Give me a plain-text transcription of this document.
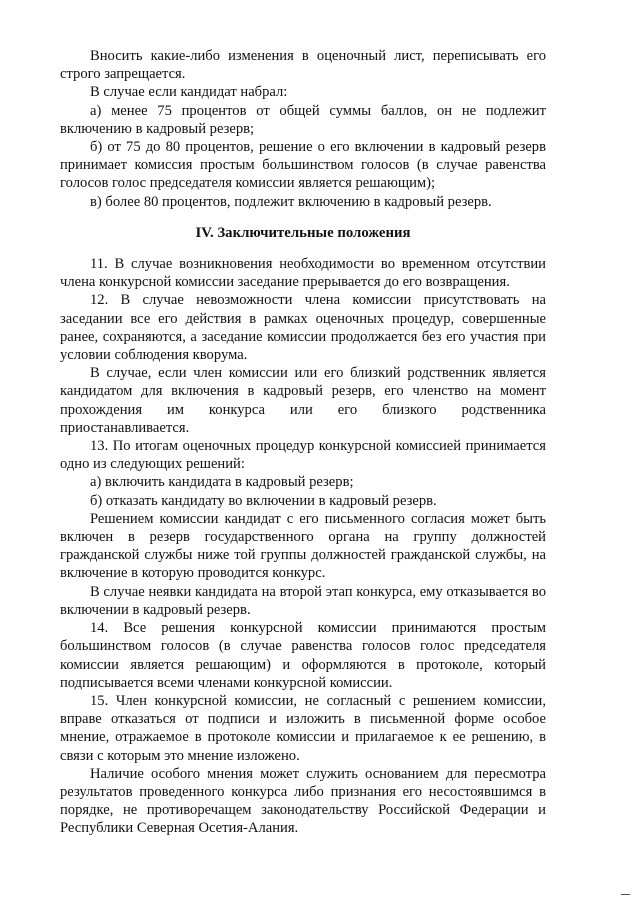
Вносить какие-либо изменения в оценочный лист, переписывать его строго запрещается.

В случае если кандидат набрал:

а) менее 75 процентов от общей суммы баллов, он не подлежит включению в кадровый резерв;

б) от 75 до 80 процентов, решение о его включении в кадровый резерв принимает комиссия простым большинством голосов (в случае равенства голосов голос председателя комиссии является решающим);

в) более 80 процентов, подлежит включению в кадровый резерв.

IV. Заключительные положения

11. В случае возникновения необходимости во временном отсутствии члена конкурсной комиссии заседание прерывается до его возвращения.

12. В случае невозможности члена комиссии присутствовать на заседании все его действия в рамках оценочных процедур, совершенные ранее, сохраняются, а заседание комиссии продолжается без его участия при условии соблюдения кворума.

В случае, если член комиссии или его близкий родственник является кандидатом для включения в кадровый резерв, его членство на момент прохождения им конкурса или его близкого родственника приостанавливается.

13. По итогам оценочных процедур конкурсной комиссией принимается одно из следующих решений:

а) включить кандидата в кадровый резерв;

б) отказать кандидату во включении в кадровый резерв.

Решением комиссии кандидат с его письменного согласия может быть включен в резерв государственного органа на группу должностей гражданской службы ниже той группы должностей гражданской службы, на включение в которую проводится конкурс.

В случае неявки кандидата на второй этап конкурса, ему отказывается во включении в кадровый резерв.

14. Все решения конкурсной комиссии принимаются простым большинством голосов (в случае равенства голосов голос председателя комиссии является решающим) и оформляются в протоколе, который подписывается всеми членами конкурсной комиссии.

15. Член конкурсной комиссии, не согласный с решением комиссии, вправе отказаться от подписи и изложить в письменной форме особое мнение, отражаемое в протоколе комиссии и прилагаемое к ее решению, в связи с которым это мнение изложено.

Наличие особого мнения может служить основанием для пересмотра результатов проведенного конкурса либо признания его несостоявшимся в порядке, не противоречащем законодательству Российской Федерации и Республики Северная Осетия-Алания.
